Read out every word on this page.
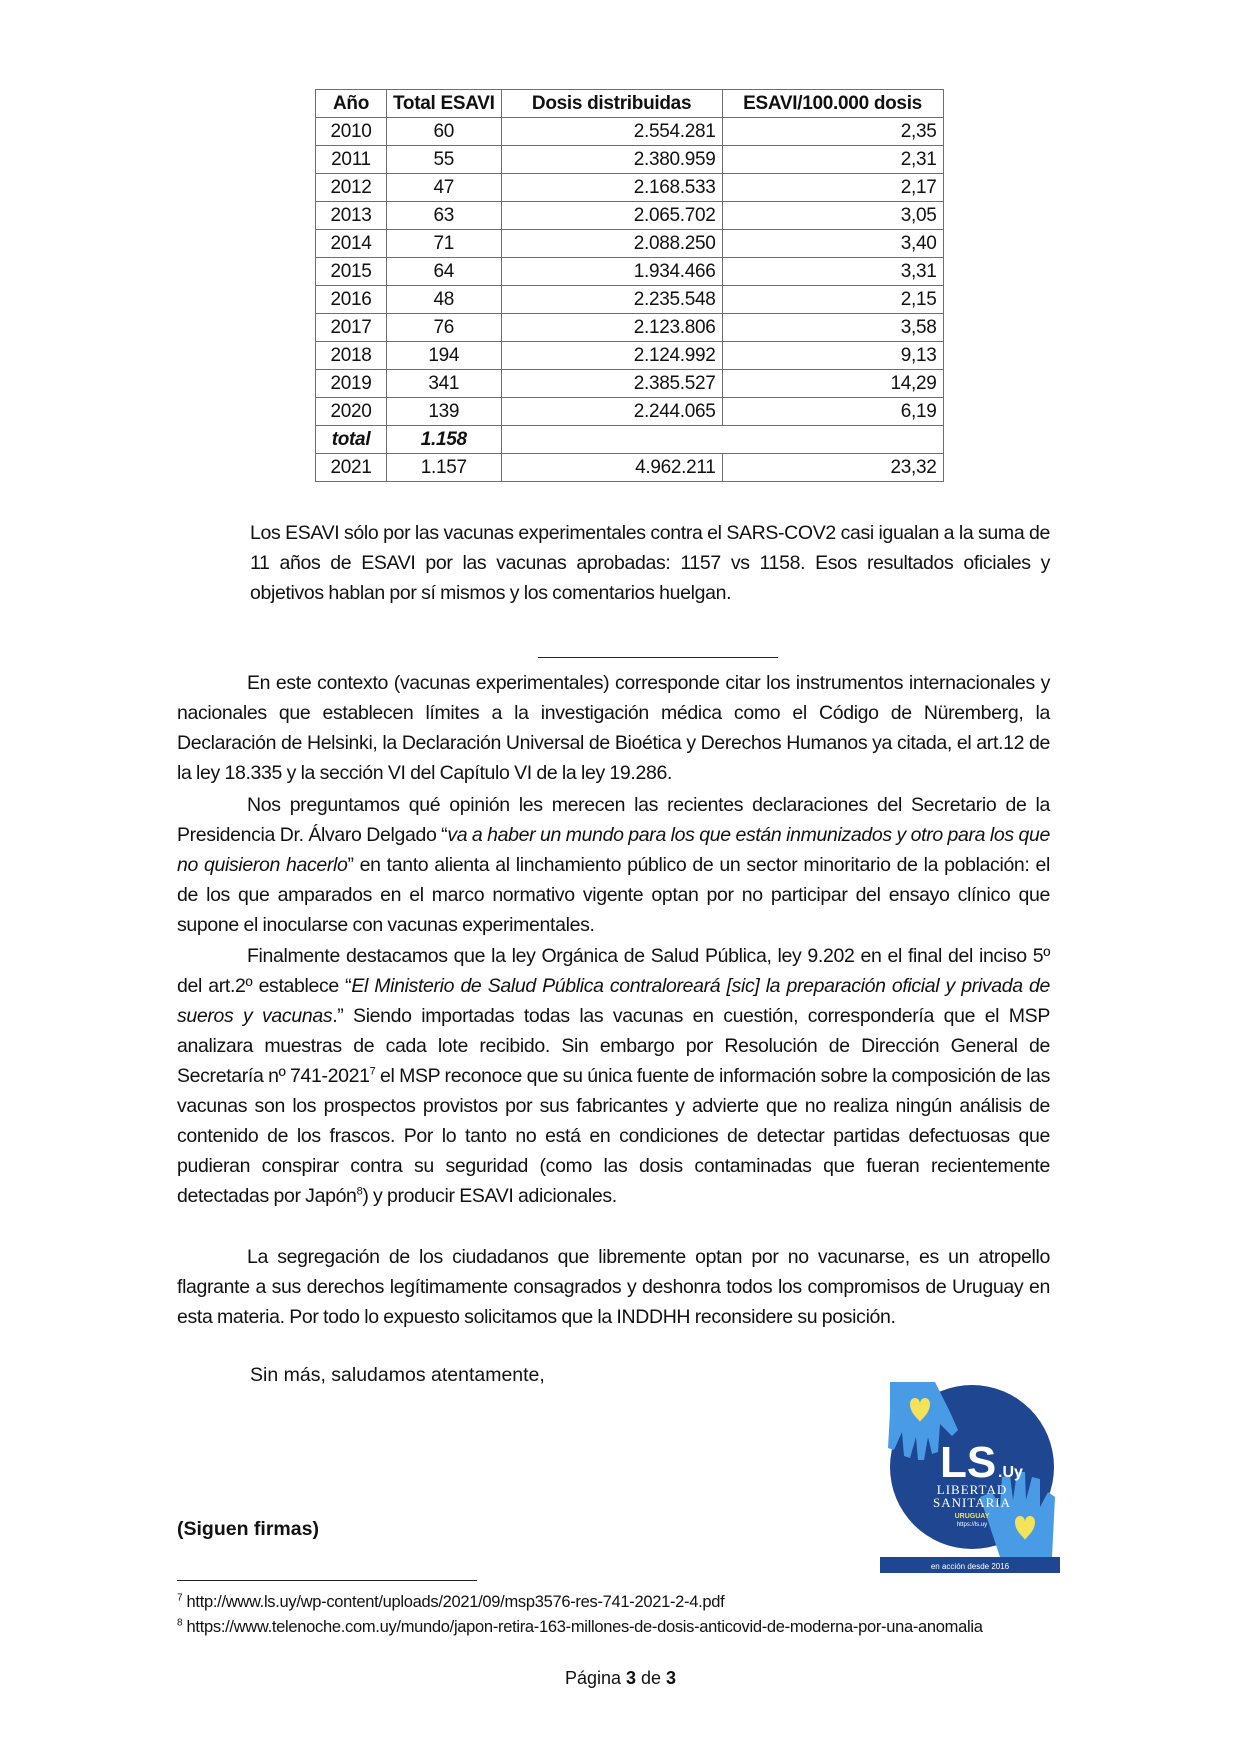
Año	Total ESAVI	Dosis distribuidas	ESAVI/100.000 dosis
2010	60	2.554.281	2,35
2011	55	2.380.959	2,31
2012	47	2.168.533	2,17
2013	63	2.065.702	3,05
2014	71	2.088.250	3,40
2015	64	1.934.466	3,31
2016	48	2.235.548	2,15
2017	76	2.123.806	3,58
2018	194	2.124.992	9,13
2019	341	2.385.527	14,29
2020	139	2.244.065	6,19
total	1.158		
2021	1.157	4.962.211	23,32

Los ESAVI sólo por las vacunas experimentales contra el SARS-COV2 casi igualan a la suma de 11 años de ESAVI por las vacunas aprobadas: 1157 vs 1158. Esos resultados oficiales y objetivos hablan por sí mismos y los comentarios huelgan.

En este contexto (vacunas experimentales) corresponde citar los instrumentos internacionales y nacionales que establecen límites a la investigación médica como el Código de Nüremberg, la Declaración de Helsinki, la Declaración Universal de Bioética y Derechos Humanos ya citada, el art.12 de la ley 18.335 y la sección VI del Capítulo VI de la ley 19.286.

Nos preguntamos qué opinión les merecen las recientes declaraciones del Secretario de la Presidencia Dr. Álvaro Delgado “va a haber un mundo para los que están inmunizados y otro para los que no quisieron hacerlo” en tanto alienta al linchamiento público de un sector minoritario de la población: el de los que amparados en el marco normativo vigente optan por no participar del ensayo clínico que supone el inocularse con vacunas experimentales.

Finalmente destacamos que la ley Orgánica de Salud Pública, ley 9.202 en el final del inciso 5º del art.2º establece “El Ministerio de Salud Pública contraloreará [sic] la preparación oficial y privada de sueros y vacunas.” Siendo importadas todas las vacunas en cuestión, correspondería que el MSP analizara muestras de cada lote recibido. Sin embargo por Resolución de Dirección General de Secretaría nº 741-2021$^7$ el MSP reconoce que su única fuente de información sobre la composición de las vacunas son los prospectos provistos por sus fabricantes y advierte que no realiza ningún análisis de contenido de los frascos. Por lo tanto no está en condiciones de detectar partidas defectuosas que pudieran conspirar contra su seguridad (como las dosis contaminadas que fueran recientemente detectadas por Japón$^8$) y producir ESAVI adicionales.

La segregación de los ciudadanos que libremente optan por no vacunarse, es un atropello flagrante a sus derechos legítimamente consagrados y deshonra todos los compromisos de Uruguay en esta materia. Por todo lo expuesto solicitamos que la INDDHH reconsidere su posición.

Sin más, saludamos atentamente,
LS .Uy
LIBERTAD
SANITARIA
URUGUAY
https://ls.uy
en acción desde 2016
(Siguen firmas)
$^7$ http://www.ls.uy/wp-content/uploads/2021/09/msp3576-res-741-2021-2-4.pdf
$^8$ https://www.telenoche.com.uy/mundo/japon-retira-163-millones-de-dosis-anticovid-de-moderna-por-una-anomalia
Página 3 de 3
